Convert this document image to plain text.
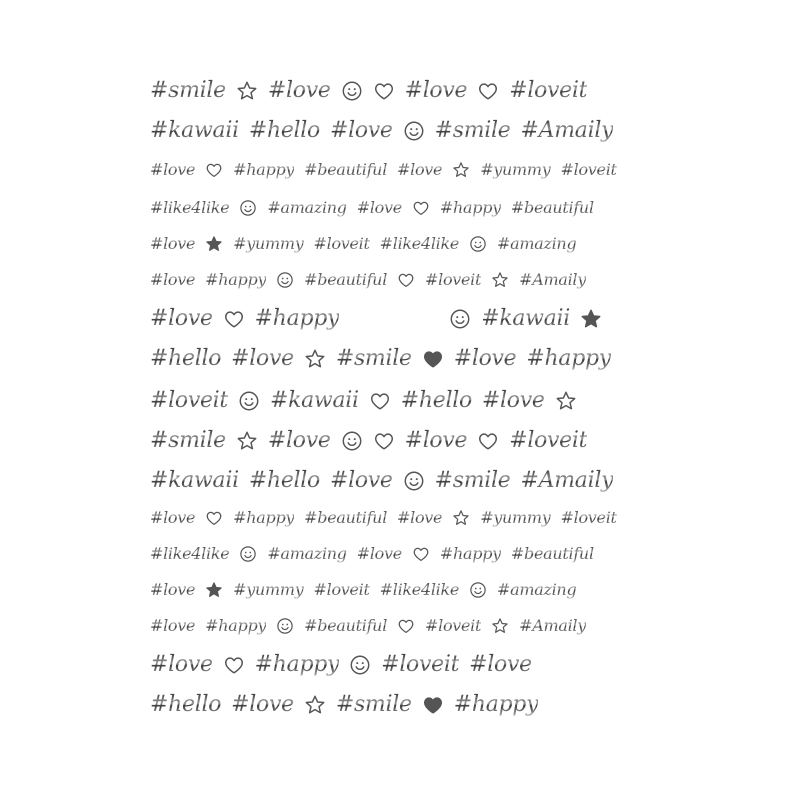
#smile #love	#love #loveit
#kawaii #hello #love #smile #Amaily
#love #happy #beautiful #love #yummy #loveit
#like4like #amazing #love #happy #beautiful
#love #yummy #loveit #like4like #amazing
#love #happy #beautiful #loveit #Amaily
#love #happy	#kawaii
#hello #love #smile #love #happy
#loveit #kawaii #hello #love
#smile #love	#love #loveit
#kawaii #hello #love #smile #Amaily
#love #happy #beautiful #love #yummy #loveit
#like4like #amazing #love #happy #beautiful
#love #yummy #loveit #like4like #amazing
#love #happy #beautiful #loveit #Amaily
#love #happy #loveit #love
#hello #love #smile #happy
